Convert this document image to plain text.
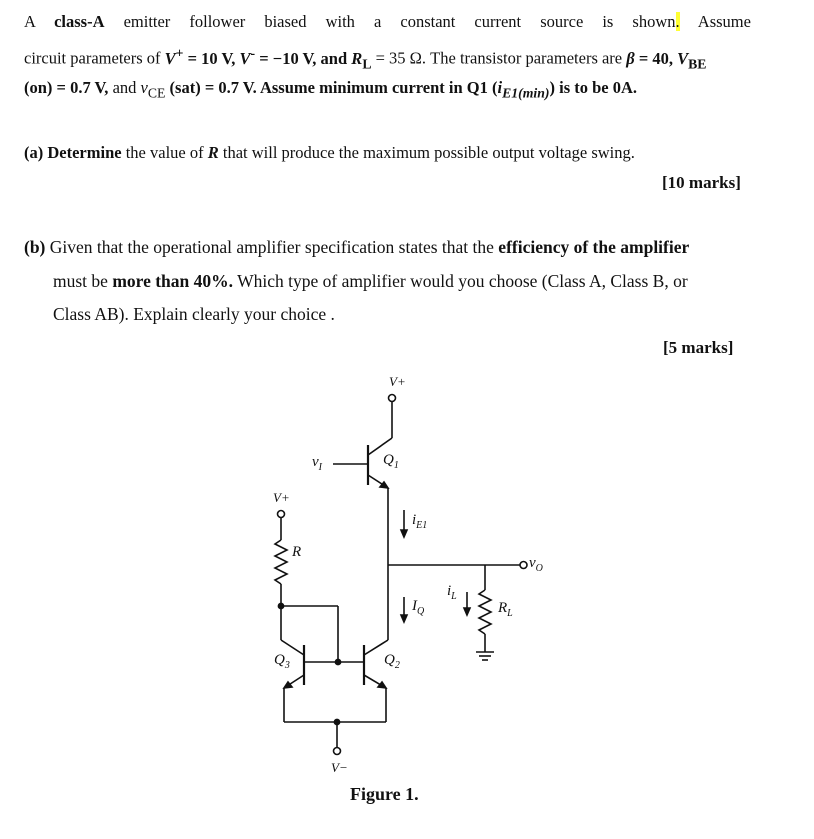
A class-A emitter follower biased with a constant current source is shown. Assume
circuit parameters of V+ = 10 V, V- = −10 V, and $R_L = 35$ Ω. The transistor parameters are β = 40, $V_{BE}$
(on) = 0.7 V, and $v_{CE}$ (sat) = 0.7 V. Assume minimum current in Q1 $(i_{E1(min)})$ is to be 0A.
(a) Determine the value of R that will produce the maximum possible output voltage swing.
[10 marks]
(b) Given that the operational amplifier specification states that the efficiency of the amplifier
must be more than 40%. Which type of amplifier would you choose (Class A, Class B, or
Class AB). Explain clearly your choice .
[5 marks]
V+
V+
V−
$v_I$	$Q_1$
$Q_2$
$Q_3$
R
$R_L$
$i_{E1}$
$I_Q$
$i_L$
$v_O$
Figure 1.
